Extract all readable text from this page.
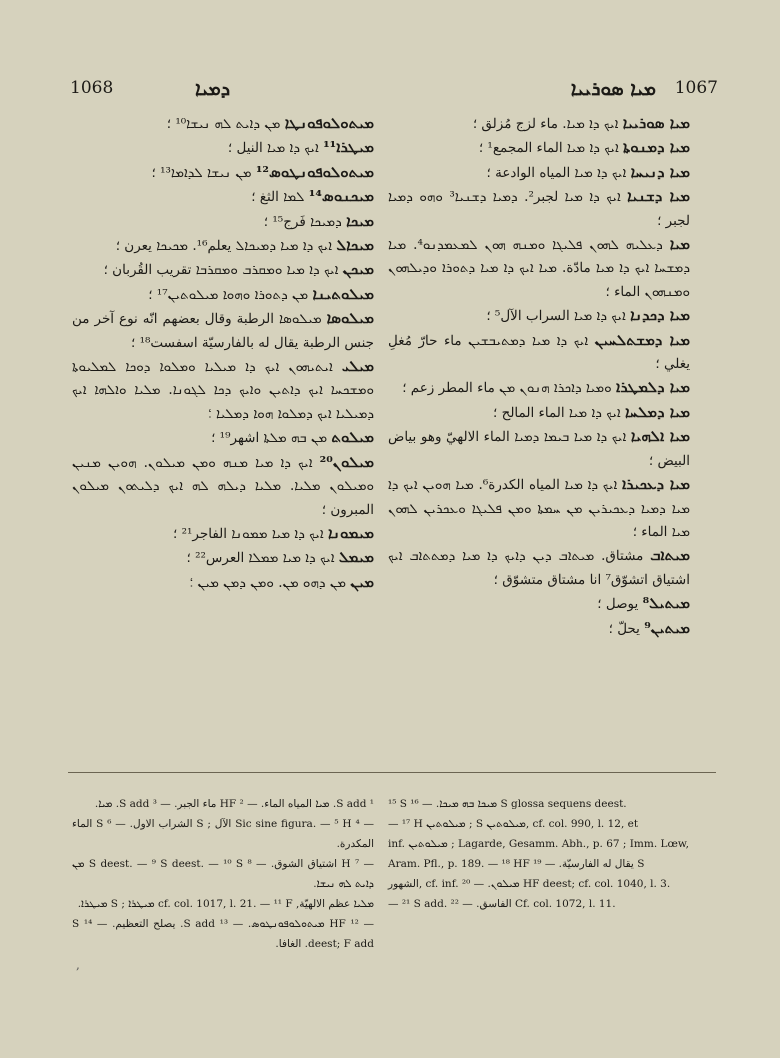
1068	ܕܡܝܐ	ܡܝܐ ܣܘܪܝܝܐ 1067

ܡܝܬܘܠܘܦܘܢܛܐ ܡܢ ܕܐܝܬ ܠܗ ܢܝܫܐ¹⁰ ؛

ܡܝܛܪܐ¹¹ ܐܝܟ ܕܐ ܡܝܐ النيل ؛

ܡܝܬܘܠܘܦܘܢܛܘܣ¹² ܡܢ ܢܝܫܐ ܠܕܐܡܐ¹³ ؛

ܡܝܟܢܘܣ¹⁴ ܠܡܐ الثغ ؛

ܡܝܟܐ ܕܡܝܟܐ فَرج¹⁵ ؛

ܡܝܟܐܠ ܐܝܟ ܕܐ ܡܝܐ ܕܡܝܟܐܠ يعلم¹⁶. ܡܟܝܟܐ يعرن ؛

ܡܝܟܢ ܐܝܟ ܕܐ ܡܝܐ ܘܡܩܪܒ ܘܡܩܪܒܐ تقريب القُربان ؛

ܡܝܠܘܬܝܢܐ ܡܢ ܕܬܘܪܐ ܘܗܘܐ ܡܝܠܘܬܝܢ¹⁷ ؛

ܡܝܠܘܣܐ ܡܝܠܘܣܐ الرطبة وقال بعضهم انّه نوع آخر من جنس الرطبة يقال له بالفارسيّة اسفست¹⁸ ؛

ܡܝܠܝ ܐܝܬܝܗܘܢ ܐܝܟ ܕܐ ܡܝܠܝܐ ܘܡܠܘܐ ܕܘܟܐ ܠܡܠܝܘܬܐ ܘܡܫܟܚܐ ܐܝܟ ܕܐܬܝܢ ܘܐܝܟ ܕܟܐ ܠܓܘܢܐ. ܡܠܝܐ ܘܐܠܗܐ ܐܝܟ ܕܡܝܠܝܐ ܐܝܟ ܕܡܠܘܐ ܗܘܐ ܕܡܠܝܐ ؛

ܡܝܠܘܬ ܡܢ ܒܗ ܡܠܬܐ اشهر¹⁹ ؛

ܡܝܠܘܢ²⁰ ܐܝܟ ܕܐ ܡܝܐ ܡܢܗ ܘܡܢ ܡܝܠܘܢ. ܗܘܝܢ ܡܢܝܢ ܘܡܝܠܘܢ ܡܠܝܐ. ܡܠܝܐ ܕܝܠܗ ܠܗ ܐܝܟ ܕܠܝܬܘܢ ܡܝܠܘܢ المبرون ؛

ܡܝܡܘܢܐ ܐܝܟ ܕܐ ܡܝܐ ܡܡܘܢܐ الفاجر²¹ ؛

ܡܝܡܠ ܐܝܟ ܕܐ ܡܝܐ ܡܡܠܐ العرس²² ؛

ܡܝܢ ܡܢ ܕܗܘ ܡܢ. ܘܡܢ ܕܡܢ ܡܝܢ ؛

ܡܝܐ ܣܘܪܝܝܐ ܐܝܟ ܕܐ ܡܝܐ. ماء لزج مُزلق ؛

ܡܝܐ ܕܡܢܘܬܐ ܐܝܟ ܕܐ ܡܝܐ الماء المجمع¹ ؛

ܡܝܐ ܕܢܝܚܐ ܐܝܟ ܕܐ ܡܝܐ المياه الوادعة ؛

ܡܝܐ ܕܫܢܝܐ ܐܝܟ ܕܐ ܡܝܐ لجبر². ܕܡܝܐ ܕܫܢܝܐ³ ܘܗܘ ܕܡܝܐ لجبر ؛

ܡܝܐ ܕܥܠܝܗ ܠܗܘܢ ܦܠܝܓܐ ܘܡܢܗ ܗܘܢ ܠܡܥܡܕܢܘ⁴. ܡܝܐ ܕܡܫܚܐ ܐܝܟ ܕܐ ܡܝܐ مادّة. ܡܝܐ ܐܝܟ ܕܐ ܡܝܐ ܕܬܘܪܐ ܘܕܝܠܗܘܢ ܘܡܢܗܘܢ الماء ؛

ܡܝܐ ܕܟܕܢܐ ܐܝܟ ܕܐ ܡܝܐ السراب الآل⁵ ؛

ܡܝܐ ܕܡܫܬܠܚܝܢ ܐܝܟ ܕܐ ܡܝܐ ܕܡܬܝܒܫܝܢ ماء حارّ مُغلِ يغلي ؛

ܡܝܐ ܕܠܡܛܪܐ ܘܡܝܐ ܕܐܟܪܐ ܗܢܘܢ ܡܢ ماء المطر زعم ؛

ܡܝܐ ܕܡܠܚܐ ܐܝܟ ܕܐ ܡܝܐ الماء المالح ؛

ܡܝܐ ܐܠܗܝܐ ܐܝܟ ܕܐ ܡܝܐ ܒܝܡܐ ܕܡܝܐ الماء الالهيّ وهو بياض البيض ؛

ܡܝܐ ܕܥܟܝܪܐ ܐܝܟ ܕܐ ܡܝܐ المياه الكدرة⁶. ܡܝܐ ܗܘܝܢ ܐܝܟ ܕܐ ܡܝܐ ܕܡܝܐ ܕܥܟܝܪܝܢ ܡܢ ܚܡܬܐ ܘܡܢ ܦܠܝܓܐ ܘܥܟܪܝܢ ܠܗܘܢ ܡܝܐ الماء ؛

ܡܝܬܐܒ مشتاق. ܡܝܬܐܒ ܕܝܢ ܕܐܝܟ ܕܐ ܡܝܐ ܕܡܬܬܐܒ ܐܝܟ اشتياق اتشوّق⁷ انا مشتاق متشوّق ؛

ܡܝܬܝܠ⁸ يوصل ؛

ܡܝܬܝܢ⁹ يحلّ ؛

¹ S add. ܡܝܐ المياه الماء. — ² HF ماء الجبر. — ³ S add. ܡܝܐ.
— ⁴ Sic sine figura. — ⁵ H الآل ; S الشراب الاول. — ⁶ S الماء المكدرة.
— ⁷ H اشتياق الشوق. — ⁸ S deest. — ⁹ S deest. — ¹⁰ S ܡܢ ܕܐܝܬ ܠܗ ܢܝܫܐ.
ܡܠܝܐ عظم الالهيّة, cf. col. 1017, l. 21. — ¹¹ F ܡܝܛܪܐ ; S ܡܝܛܪܐ.
— ¹² HF ܡܝܬܘܠܘܦܘܢܛܘܣ. — ¹³ S add. يصلح التعظيم. — ¹⁴ S deest; F add. الغافا.
¹⁵ S ܡܝܟܐ ܒܗ ܡܝܟܐ. — ¹⁶ S glossa sequens deest.
— ¹⁷ H ܡܝܠܘܬܝܢ ; S ܡܝܠܘܬܝܢ, cf. col. 990, l. 12, et
inf. ܡܝܠܘܬܝܢ ; Lagarde, Gesamm. Abh., p. 67 ; Imm. Lœw,
Aram. Pfl., p. 189. — ¹⁸ HF يقال له الفارسيّة. — ¹⁹ S
الشهور, cf. inf. ܡܝܠܘܢ. — ²⁰ HF deest; cf. col. 1040, l. 3.
— ²¹ S add. الفاسق. — ²² Cf. col. 1072, l. 11.
,
